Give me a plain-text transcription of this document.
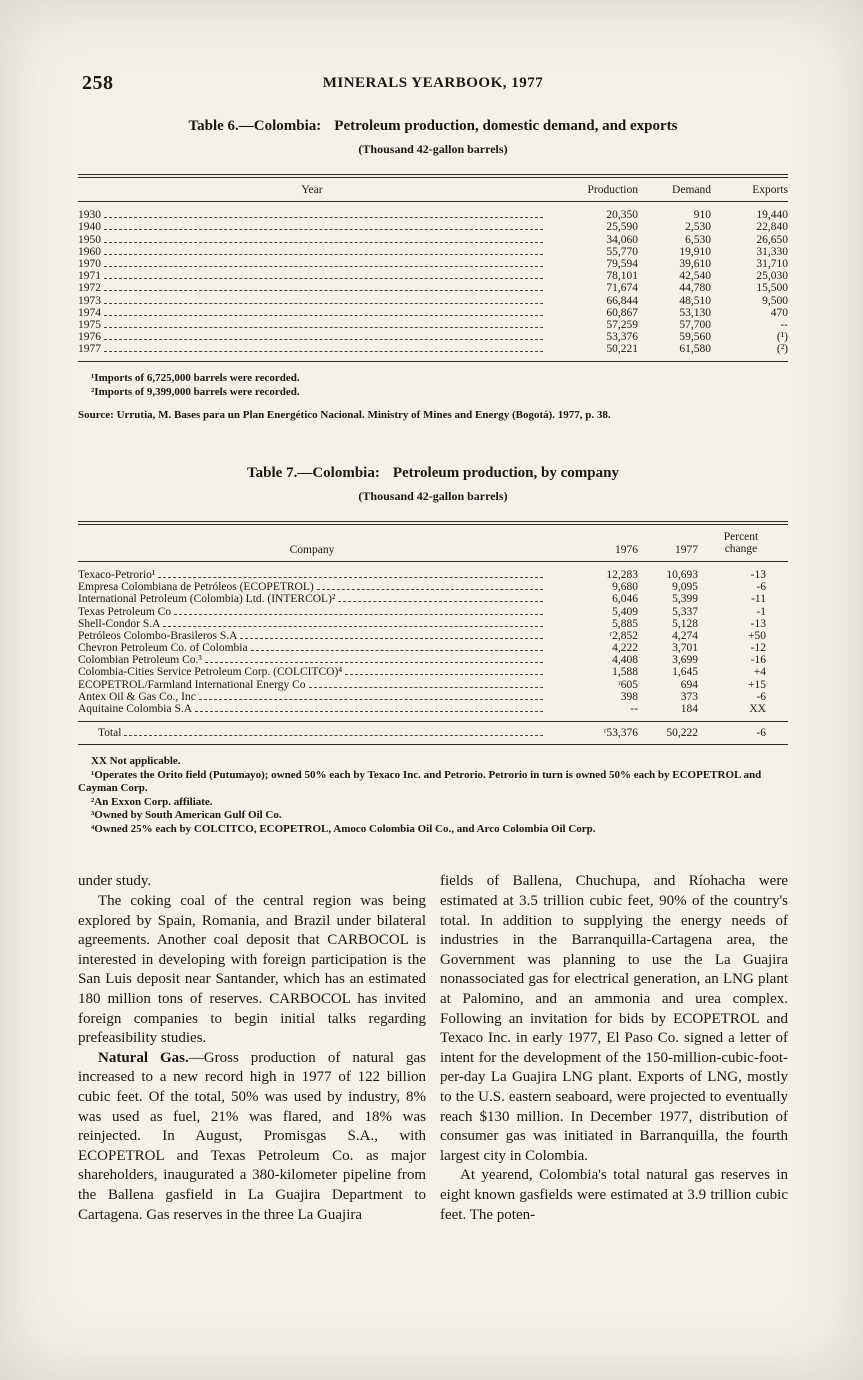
258	MINERALS YEARBOOK, 1977
Table 6.—Colombia: Petroleum production, domestic demand, and exports
(Thousand 42-gallon barrels)
Year	Production	Demand	Exports
1930	20,350	910	19,440
1940	25,590	2,530	22,840
1950	34,060	6,530	26,650
1960	55,770	19,910	31,330
1970	79,594	39,610	31,710
1971	78,101	42,540	25,030
1972	71,674	44,780	15,500
1973	66,844	48,510	9,500
1974	60,867	53,130	470
1975	57,259	57,700	--
1976	53,376	59,560	(¹)
1977	50,221	61,580	(²)
¹Imports of 6,725,000 barrels were recorded.
²Imports of 9,399,000 barrels were recorded.
Source: Urrutia, M. Bases para un Plan Energético Nacional. Ministry of Mines and Energy (Bogotá). 1977, p. 38.
Table 7.—Colombia: Petroleum production, by company
(Thousand 42-gallon barrels)
Company	1976	1977
Percent
change
Texaco-Petrorio¹	12,283	10,693	-13
Empresa Colombiana de Petróleos (ECOPETROL)	9,680	9,095	-6
International Petroleum (Colombia) Ltd. (INTERCOL)²	6,046	5,399	-11
Texas Petroleum Co	5,409	5,337	-1
Shell-Condor S.A	5,885	5,128	-13
Petróleos Colombo-Brasileros S.A	ʳ2,852	4,274	+50
Chevron Petroleum Co. of Colombia	4,222	3,701	-12
Colombian Petroleum Co.³	4,408	3,699	-16
Colombia-Cities Service Petroleum Corp. (COLCITCO)⁴	1,588	1,645	+4
ECOPETROL/Farmland International Energy Co	ʳ605	694	+15
Antex Oil & Gas Co., Inc	398	373	-6
Aquitaine Colombia S.A	--	184	XX
Total	ʳ53,376	50,222	-6
XX Not applicable.
¹Operates the Orito field (Putumayo); owned 50% each by Texaco Inc. and Petrorio. Petrorio in turn is owned 50% each by ECOPETROL and Cayman Corp.
²An Exxon Corp. affiliate.
³Owned by South American Gulf Oil Co.
⁴Owned 25% each by COLCITCO, ECOPETROL, Amoco Colombia Oil Co., and Arco Colombia Oil Corp.

under study.

The coking coal of the central region was being explored by Spain, Romania, and Brazil under bilateral agreements. Another coal deposit that CARBOCOL is interested in developing with foreign participation is the San Luis deposit near Santander, which has an estimated 180 million tons of reserves. CARBOCOL has invited foreign companies to begin initial talks regarding prefeasibility studies.

Natural Gas.—Gross production of natural gas increased to a new record high in 1977 of 122 billion cubic feet. Of the total, 50% was used by industry, 8% was used as fuel, 21% was flared, and 18% was reinjected. In August, Promisgas S.A., with ECOPETROL and Texas Petroleum Co. as major shareholders, inaugurated a 380-kilometer pipeline from the Ballena gasfield in La Guajira Department to Cartagena. Gas reserves in the three La Guajira

fields of Ballena, Chuchupa, and Ríohacha were estimated at 3.5 trillion cubic feet, 90% of the country's total. In addition to supplying the energy needs of industries in the Barranquilla-Cartagena area, the Government was planning to use the La Guajira nonassociated gas for electrical generation, an LNG plant at Palomino, and an ammonia and urea complex. Following an invitation for bids by ECOPETROL and Texaco Inc. in early 1977, El Paso Co. signed a letter of intent for the development of the 150-million-cubic-foot-per-day La Guajira LNG plant. Exports of LNG, mostly to the U.S. eastern seaboard, were projected to eventually reach $130 million. In December 1977, distribution of consumer gas was initiated in Barranquilla, the fourth largest city in Colombia.

At yearend, Colombia's total natural gas reserves in eight known gasfields were estimated at 3.9 trillion cubic feet. The poten-
